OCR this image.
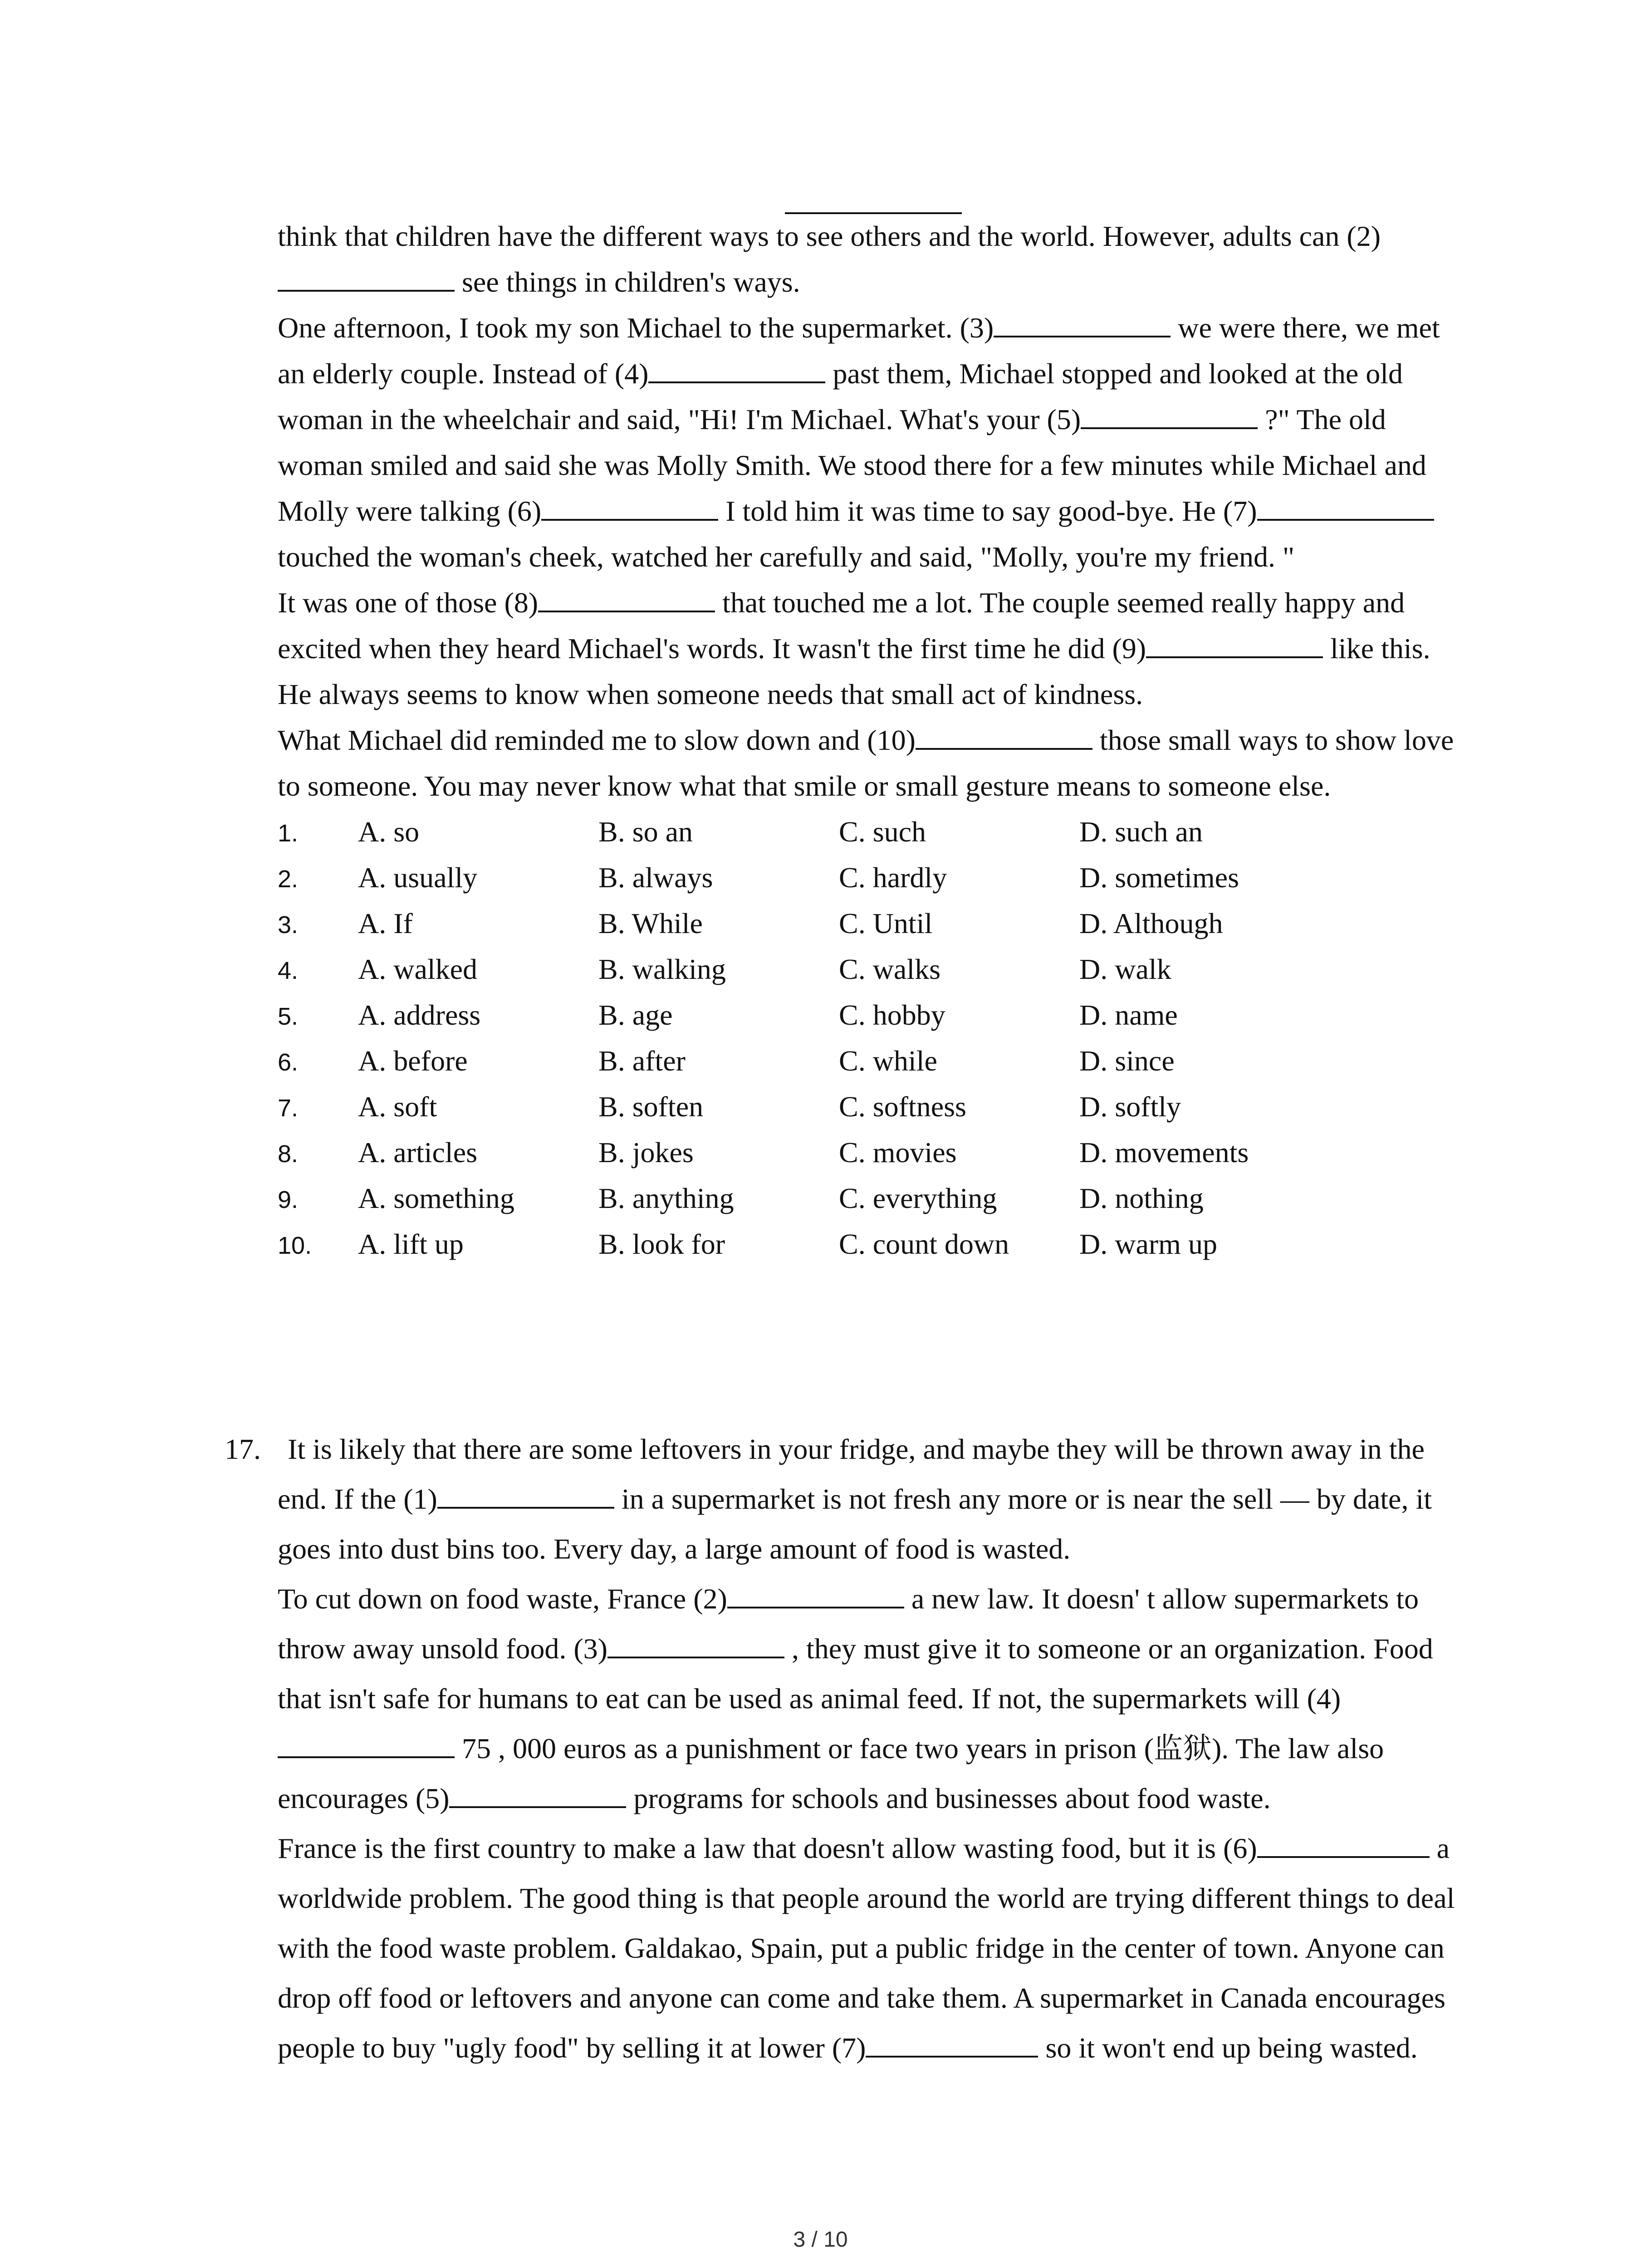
think that children have the different ways to see others and the world. However, adults can (2) see things in children's ways.

One afternoon, I took my son Michael to the supermarket. (3)	we were there, we met an elderly couple. Instead of (4)	past them, Michael stopped and looked at the old woman in the wheelchair and said, "Hi! I'm Michael. What's your (5)	?" The old woman smiled and said she was Molly Smith. We stood there for a few minutes while Michael and Molly were talking (6)	I told him it was time to say good-bye. He (7) touched the woman's cheek, watched her carefully and said, "Molly, you're my friend. "

It was one of those (8)	that touched me a lot. The couple seemed really happy and excited when they heard Michael's words. It wasn't the first time he did (9)	like this. He always seems to know when someone needs that small act of kindness.

What Michael did reminded me to slow down and (10)	those small ways to show love to someone. You may never know what that smile or small gesture means to someone else.

1.	A. so	B. so an	C. such	D. such an
2.	A. usually	B. always	C. hardly	D. sometimes
3.	A. If	B. While	C. Until	D. Although
4.	A. walked	B. walking	C. walks	D. walk
5.	A. address	B. age	C. hobby	D. name
6.	A. before	B. after	C. while	D. since
7.	A. soft	B. soften	C. softness	D. softly
8.	A. articles	B. jokes	C. movies	D. movements
9.	A. something	B. anything	C. everything	D. nothing
10.	A. lift up	B. look for	C. count down	D. warm up
17. It is likely that there are some leftovers in your fridge, and maybe they will be thrown away in the end. If the (1)	in a supermarket is not fresh any more or is near the sell — by date, it goes into dust bins too. Every day, a large amount of food is wasted.

To cut down on food waste, France (2)	a new law. It doesn' t allow supermarkets to throw away unsold food. (3)	, they must give it to someone or an organization. Food that isn't safe for humans to eat can be used as animal feed. If not, the supermarkets will (4) 75 , 000 euros as a punishment or face two years in prison (监狱). The law also encourages (5)	programs for schools and businesses about food waste.

France is the first country to make a law that doesn't allow wasting food, but it is (6)	a worldwide problem. The good thing is that people around the world are trying different things to deal with the food waste problem. Galdakao, Spain, put a public fridge in the center of town. Anyone can drop off food or leftovers and anyone can come and take them. A supermarket in Canada encourages people to buy "ugly food" by selling it at lower (7)	so it won't end up being wasted.

3 / 10
